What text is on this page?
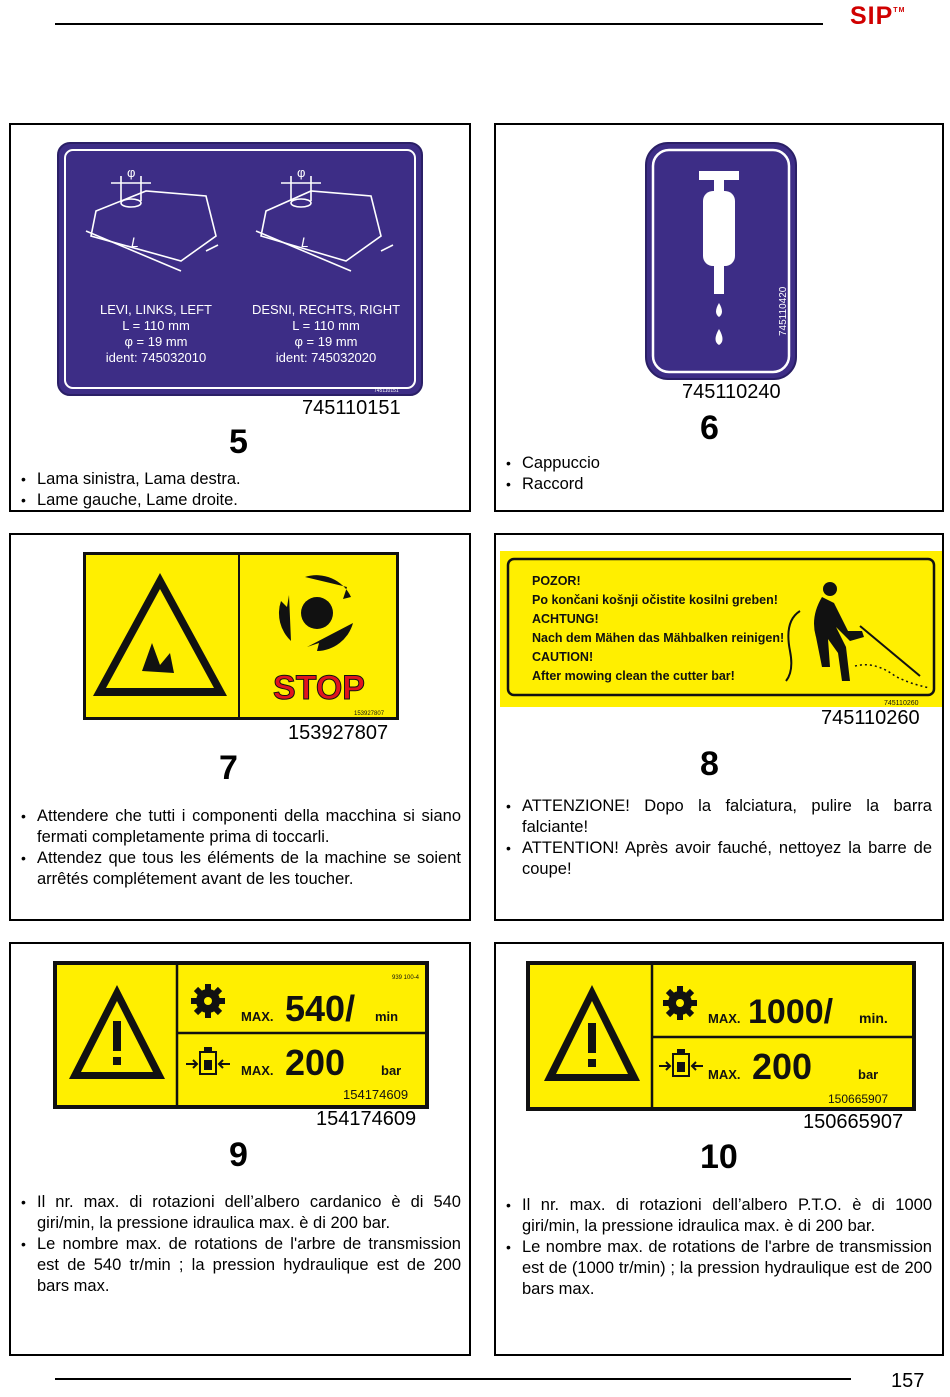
SIP™
φ
L
φ
L
LEVI, LINKS, LEFT
L = 110 mm
φ = 19 mm
ident: 745032010
DESNI, RECHTS, RIGHT
L = 110 mm
φ = 19 mm
ident: 745032020
745110151
745110151
5
• Lama sinistra, Lama destra.
• Lame gauche, Lame droite.
745110420
745110240
6
• Cappuccio
• Raccord
STOP
153927807
153927807
7
• Attendere che tutti i componenti della macchina si siano fermati completamente prima di toccarli.
• Attendez que tous les éléments de la machine se soient arrêtés complétement avant de les toucher.
POZOR!
Po končani košnji očistite kosilni greben!
ACHTUNG!
Nach dem Mähen das Mähbalken reinigen!
CAUTION!
After mowing clean the cutter bar!
745110260
745110260
8
• ATTENZIONE! Dopo la falciatura, pulire la barra falciante!
• ATTENTION! Après avoir fauché, nettoyez la barre de coupe!
MAX. 540/ min
MAX. 200	bar
939 100-4
154174609
154174609
9
• Il nr. max. di rotazioni dell’albero cardanico è di 540 giri/min, la pressione idraulica max. è di 200 bar.
• Le nombre max. de rotations de l'arbre de transmission est de 540 tr/min ; la pression hydraulique est de 200 bars max.
MAX. 1000/ min.
MAX. 200	bar
150665907
150665907
10
• Il nr. max. di rotazioni dell’albero P.T.O. è di 1000 giri/min, la pressione idraulica max. è di 200 bar.
• Le nombre max. de rotations de l'arbre de transmission est de (1000 tr/min) ; la pression hydraulique est de 200 bars max.
157
